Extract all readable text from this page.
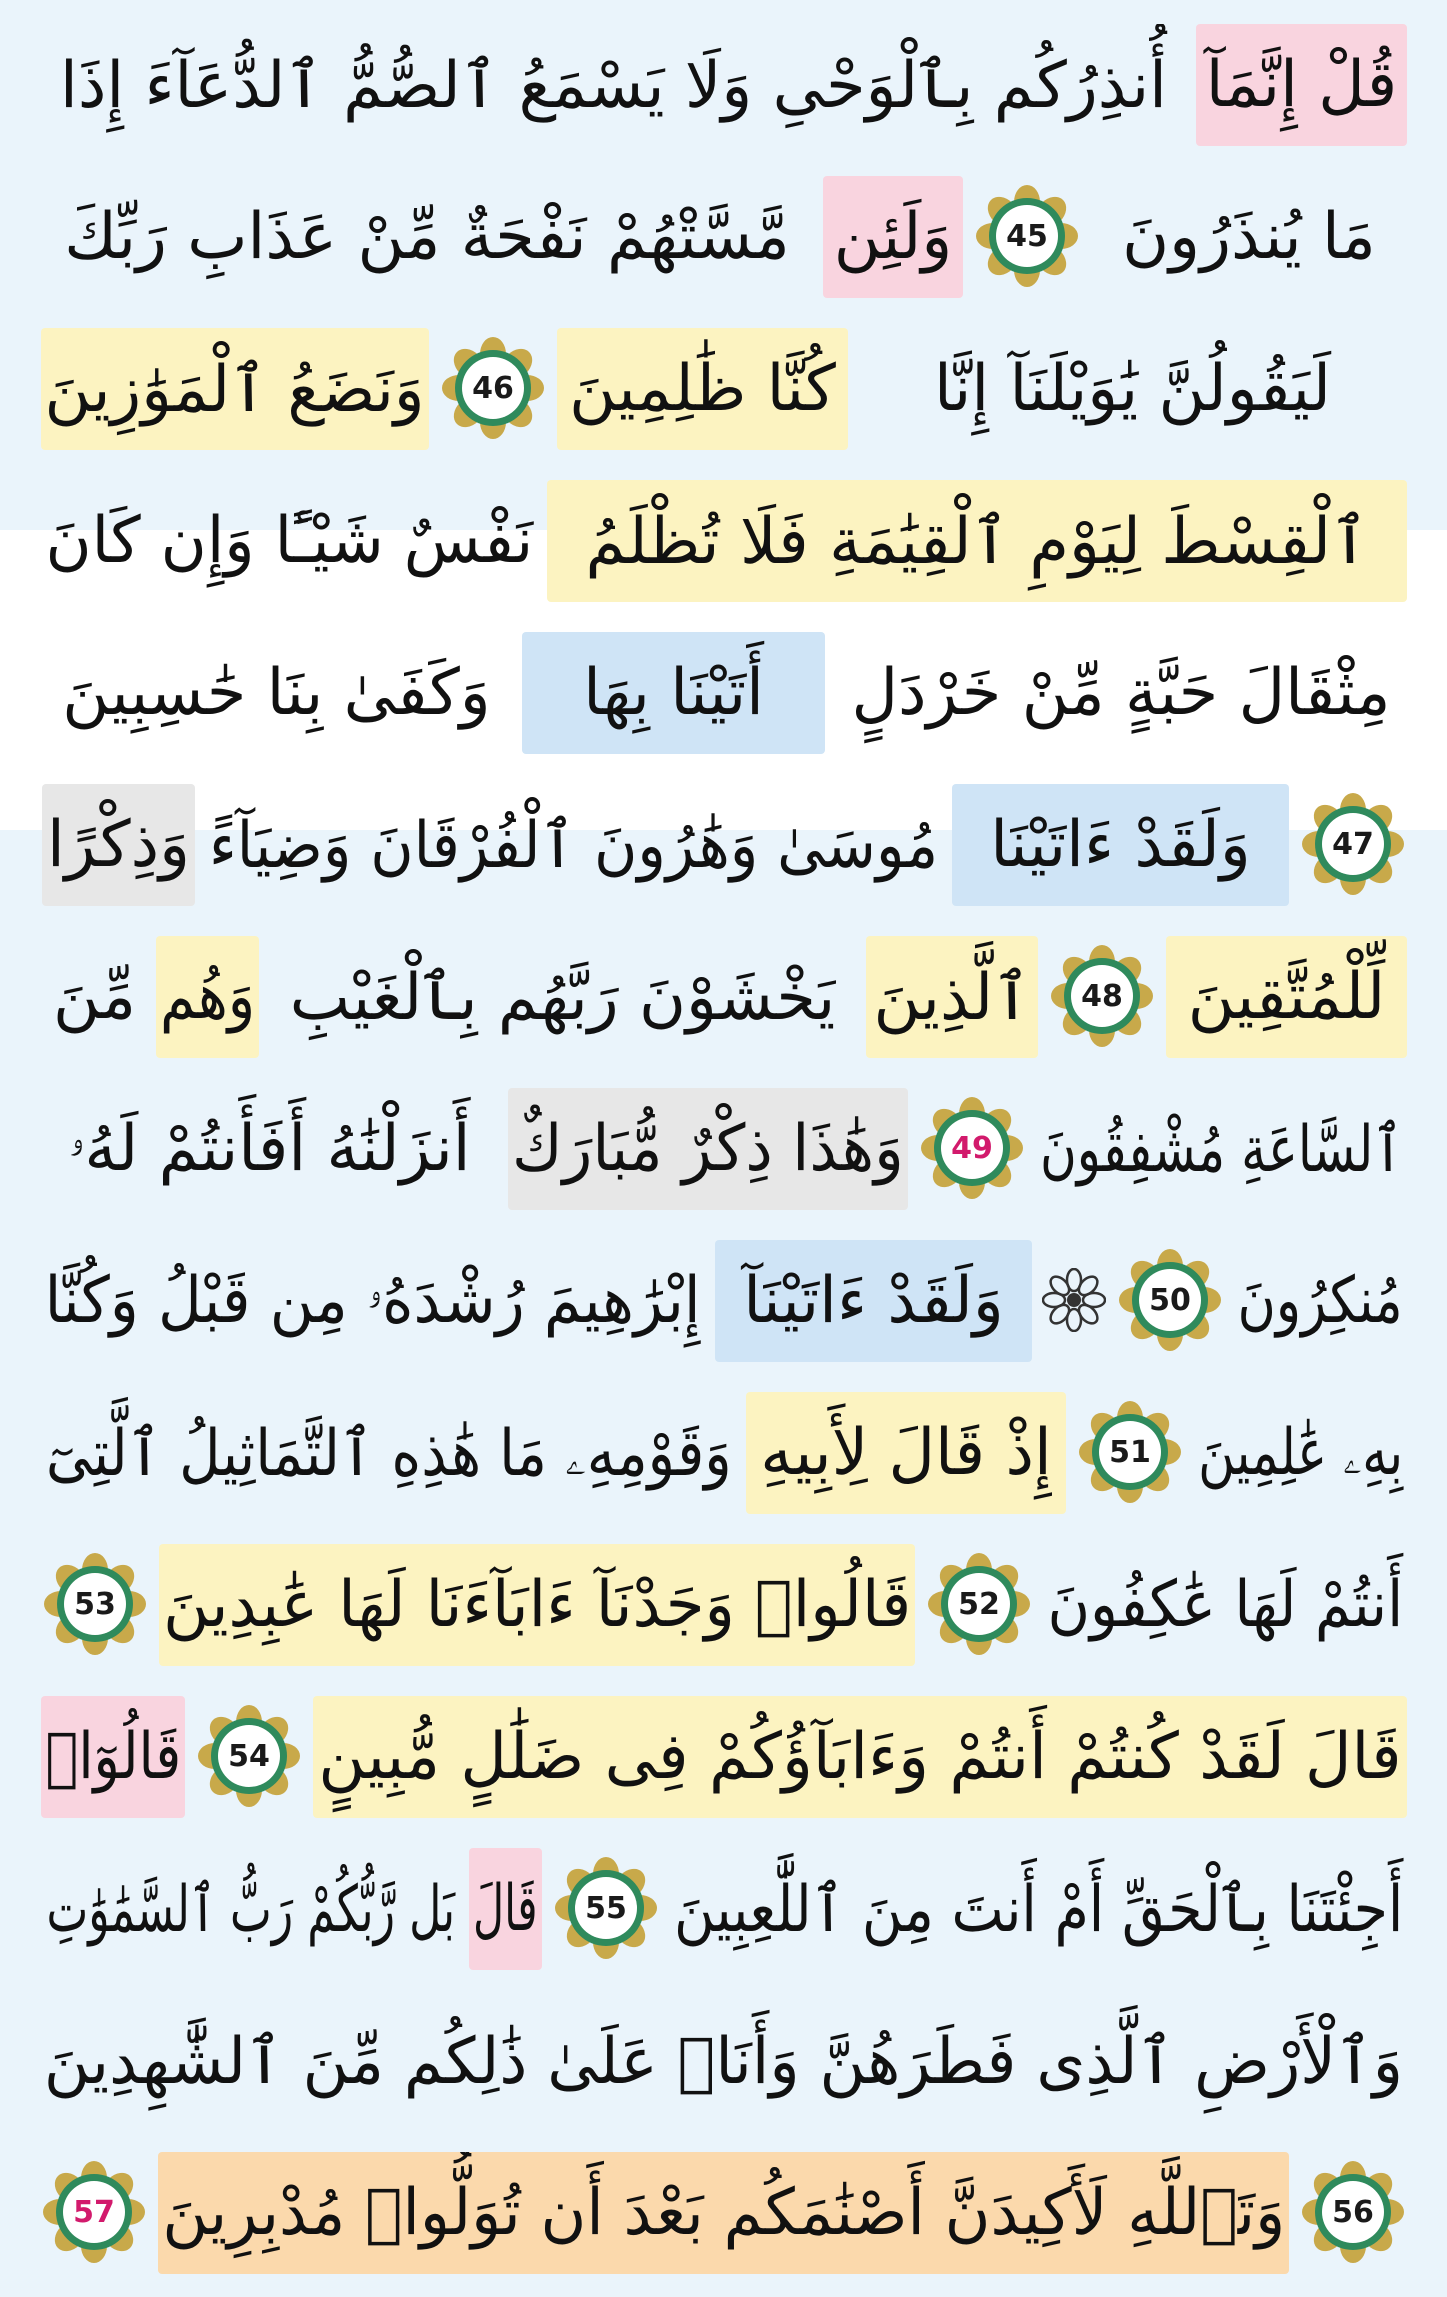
قُلْ إِنَّمَآ
أُنذِرُكُم بِٱلْوَحْىِ وَلَا يَسْمَعُ ٱلصُّمُّ ٱلدُّعَآءَ إِذَا
مَا يُنذَرُونَ
45
وَلَئِن
مَّسَّتْهُمْ نَفْحَةٌ مِّنْ عَذَابِ رَبِّكَ
لَيَقُولُنَّ يَٰوَيْلَنَآ إِنَّا
كُنَّا ظَٰلِمِينَ
46
وَنَضَعُ ٱلْمَوَٰزِينَ
ٱلْقِسْطَ لِيَوْمِ ٱلْقِيَٰمَةِ فَلَا تُظْلَمُ
نَفْسٌ شَيْـًٔا وَإِن كَانَ
مِثْقَالَ حَبَّةٍ مِّنْ خَرْدَلٍ
أَتَيْنَا بِهَا
وَكَفَىٰ بِنَا حَٰسِبِينَ
47
وَلَقَدْ ءَاتَيْنَا
مُوسَىٰ وَهَٰرُونَ ٱلْفُرْقَانَ وَضِيَآءً
وَذِكْرًا
لِّلْمُتَّقِينَ
48
ٱلَّذِينَ
يَخْشَوْنَ رَبَّهُم بِٱلْغَيْبِ
وَهُم
مِّنَ
ٱلسَّاعَةِ مُشْفِقُونَ
49
وَهَٰذَا ذِكْرٌ مُّبَارَكٌ
أَنزَلْنَٰهُ أَفَأَنتُمْ لَهُۥ
مُنكِرُونَ
50
وَلَقَدْ ءَاتَيْنَآ
إِبْرَٰهِيمَ رُشْدَهُۥ مِن قَبْلُ وَكُنَّا
بِهِۦ عَٰلِمِينَ
51
إِذْ قَالَ لِأَبِيهِ
وَقَوْمِهِۦ مَا هَٰذِهِ ٱلتَّمَاثِيلُ ٱلَّتِىٓ
أَنتُمْ لَهَا عَٰكِفُونَ
52
قَالُوا۟ وَجَدْنَآ ءَابَآءَنَا لَهَا عَٰبِدِينَ
53
قَالَ لَقَدْ كُنتُمْ أَنتُمْ وَءَابَآؤُكُمْ فِى ضَلَٰلٍ مُّبِينٍ
54
قَالُوٓا۟
أَجِئْتَنَا بِٱلْحَقِّ أَمْ أَنتَ مِنَ ٱللَّٰعِبِينَ
55
قَالَ
بَل رَّبُّكُمْ رَبُّ ٱلسَّمَٰوَٰتِ
وَٱلْأَرْضِ ٱلَّذِى فَطَرَهُنَّ وَأَنَا۠ عَلَىٰ ذَٰلِكُم مِّنَ ٱلشَّٰهِدِينَ
56
وَتَٱللَّهِ لَأَكِيدَنَّ أَصْنَٰمَكُم بَعْدَ أَن تُوَلُّوا۟ مُدْبِرِينَ
57
